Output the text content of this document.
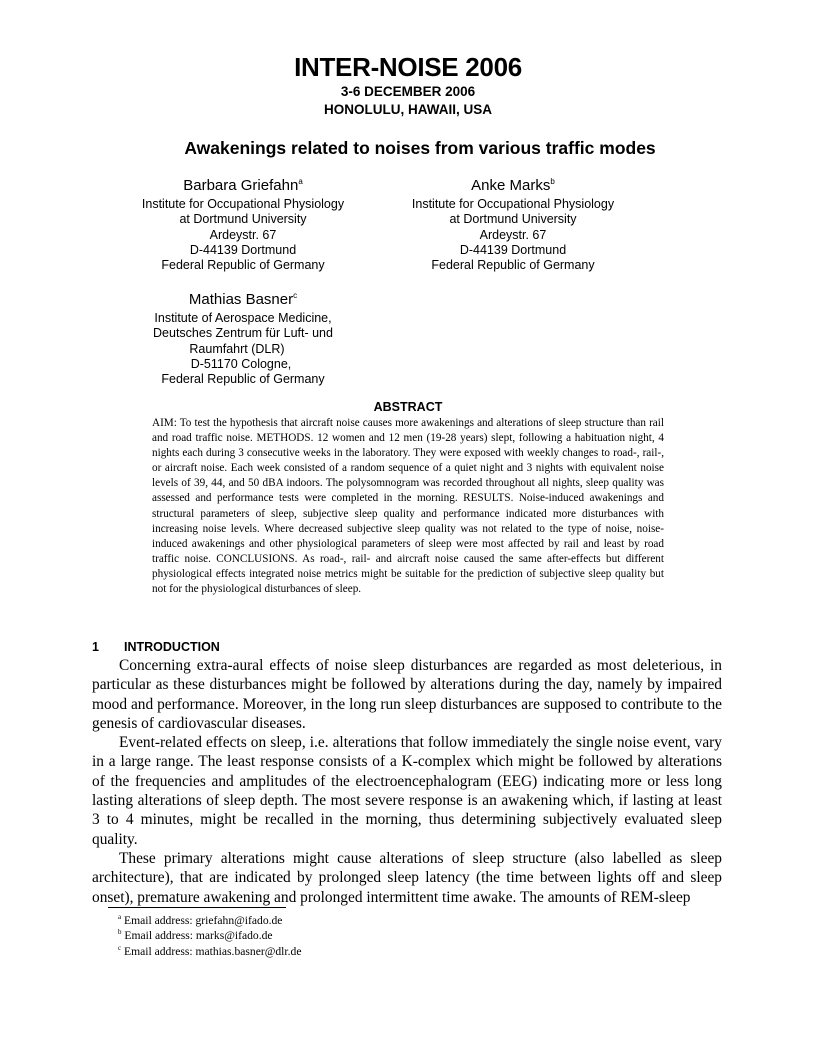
INTER-NOISE 2006
3-6 DECEMBER 2006
HONOLULU, HAWAII, USA
Awakenings related to noises from various traffic modes
Barbara Griefahn$^a$
Institute for Occupational Physiology
at Dortmund University
Ardeystr. 67
D-44139 Dortmund
Federal Republic of Germany
Anke Marks$^b$
Institute for Occupational Physiology
at Dortmund University
Ardeystr. 67
D-44139 Dortmund
Federal Republic of Germany
Mathias Basner$^c$
Institute of Aerospace Medicine,
Deutsches Zentrum für Luft- und
Raumfahrt (DLR)
D-51170 Cologne,
Federal Republic of Germany
ABSTRACT
AIM: To test the hypothesis that aircraft noise causes more awakenings and alterations of sleep structure than rail and road traffic noise. METHODS. 12 women and 12 men (19-28 years) slept, following a habituation night, 4 nights each during 3 consecutive weeks in the laboratory. They were exposed with weekly changes to road-, rail-, or aircraft noise. Each week consisted of a random sequence of a quiet night and 3 nights with equivalent noise levels of 39, 44, and 50 dBA indoors. The polysomnogram was recorded throughout all nights, sleep quality was assessed and performance tests were completed in the morning. RESULTS. Noise-induced awakenings and structural parameters of sleep, subjective sleep quality and performance indicated more disturbances with increasing noise levels. Where decreased subjective sleep quality was not related to the type of noise, noise-induced awakenings and other physiological parameters of sleep were most affected by rail and least by road traffic noise. CONCLUSIONS. As road-, rail- and aircraft noise caused the same after-effects but different physiological effects integrated noise metrics might be suitable for the prediction of subjective sleep quality but not for the physiological disturbances of sleep.
1 INTRODUCTION

Concerning extra-aural effects of noise sleep disturbances are regarded as most deleterious, in particular as these disturbances might be followed by alterations during the day, namely by impaired mood and performance. Moreover, in the long run sleep disturbances are supposed to contribute to the genesis of cardiovascular diseases.

Event-related effects on sleep, i.e. alterations that follow immediately the single noise event, vary in a large range. The least response consists of a K-complex which might be followed by alterations of the frequencies and amplitudes of the electroencephalogram (EEG) indicating more or less long lasting alterations of sleep depth. The most severe response is an awakening which, if lasting at least 3 to 4 minutes, might be recalled in the morning, thus determining subjectively evaluated sleep quality.

These primary alterations might cause alterations of sleep structure (also labelled as sleep architecture), that are indicated by prolonged sleep latency (the time between lights off and sleep onset), premature awakening and prolonged intermittent time awake. The amounts of REM-sleep

$^a$ Email address: griefahn@ifado.de
$^b$ Email address: marks@ifado.de
$^c$ Email address: mathias.basner@dlr.de
